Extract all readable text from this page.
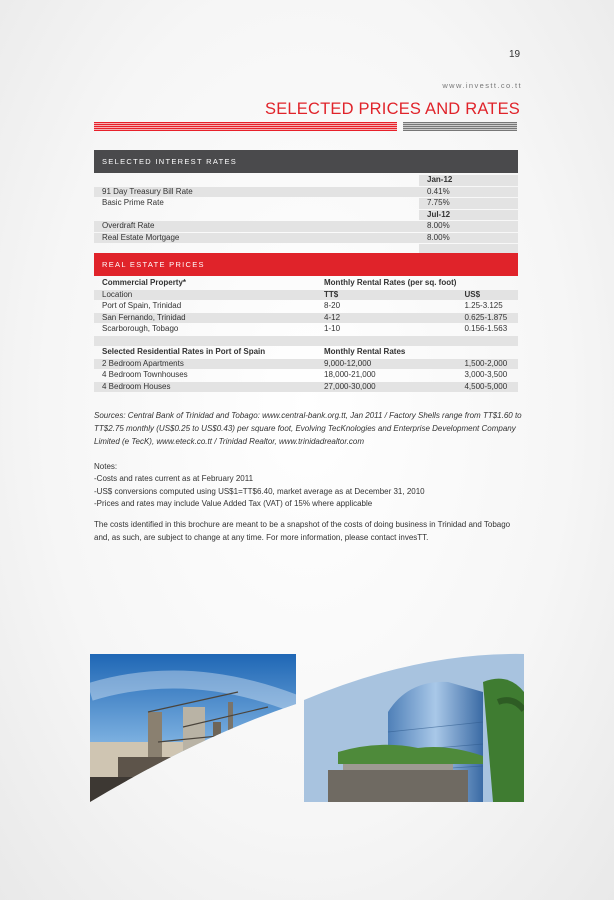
19
www.investt.co.tt
SELECTED PRICES AND RATES
SELECTED INTEREST RATES
	Jan-12
91 Day Treasury Bill Rate	0.41%
Basic Prime Rate	7.75%
	Jul-12
Overdraft Rate	8.00%
Real Estate Mortgage	8.00%

REAL ESTATE PRICES
Commercial Property*	Monthly Rental Rates (per sq. foot)	
Location	TT$	US$
Port of Spain, Trinidad	8-20	1.25-3.125
San Fernando, Trinidad	4-12	0.625-1.875
Scarborough, Tobago	1-10	0.156-1.563

Selected Residential Rates in Port of Spain	Monthly Rental Rates	
2 Bedroom Apartments	9,000-12,000	1,500-2,000
4 Bedroom Townhouses	18,000-21,000	3,000-3,500
4 Bedroom Houses	27,000-30,000	4,500-5,000
Sources: Central Bank of Trinidad and Tobago: www.central-bank.org.tt, Jan 2011 / Factory Shells range from TT$1.60 to TT$2.75 monthly (US$0.25 to US$0.43) per square foot, Evolving TecKnologies and Enterprise Development Company Limited (e TecK), www.eteck.co.tt / Trinidad Realtor, www.trinidadrealtor.com
Notes:
-Costs and rates current as at February 2011
-US$ conversions computed using US$1=TT$6.40, market average as at December 31, 2010
-Prices and rates may include Value Added Tax (VAT) of 15% where applicable
The costs identified in this brochure are meant to be a snapshot of the costs of doing business in Trinidad and Tobago and, as such, are subject to change at any time. For more information, please contact invesTT.
